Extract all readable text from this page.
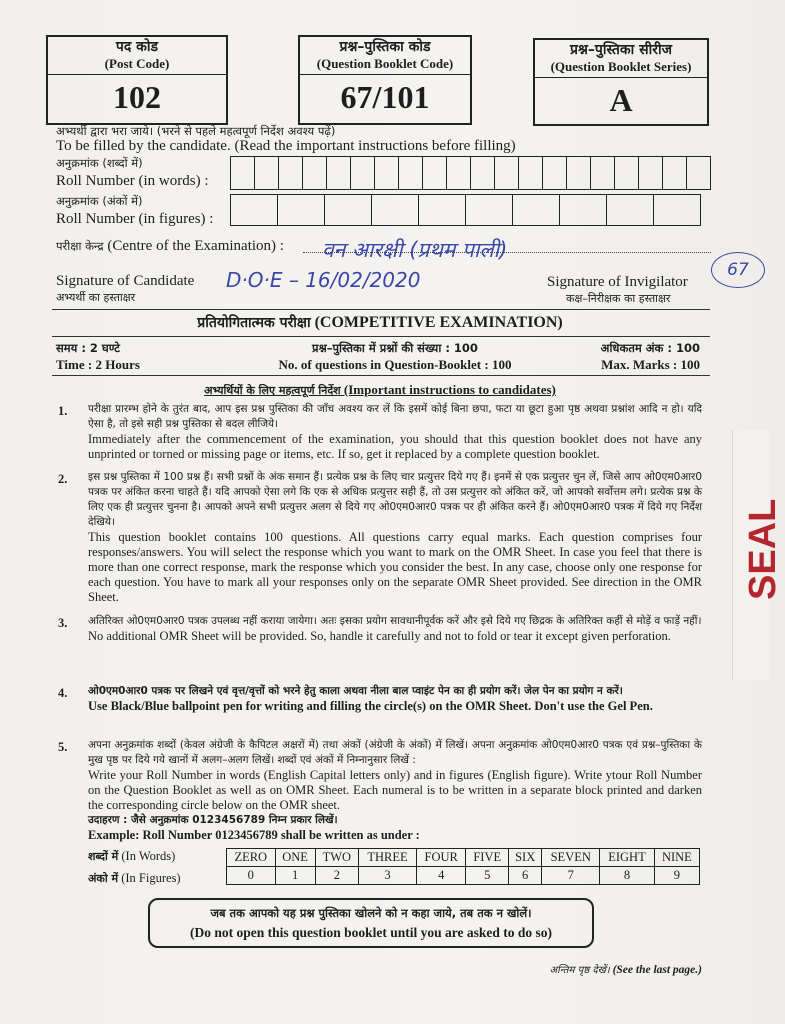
पद कोड
(Post Code)
102
प्रश्न–पुस्तिका कोड
(Question Booklet Code)
67/101
प्रश्न–पुस्तिका सीरीज
(Question Booklet Series)
A
अभ्यर्थी द्वारा भरा जाये। (भरने से पहले महत्वपूर्ण निर्देश अवश्य पढ़ें)
To be filled by the candidate. (Read the important instructions before filling)
अनुक्रमांक (शब्दों में)
Roll Number (in words) :
अनुक्रमांक (अंकों में)
Roll Number (in figures) :
परीक्षा केन्द्र (Centre of the Examination) : वन आरक्षी (प्रथम पाली)
67
Signature of Candidate
अभ्यर्थी का हस्ताक्षर
D·O·E – 16/02/2020	Signature of Invigilator
कक्ष–निरीक्षक का हस्ताक्षर
प्रतियोगितात्मक परीक्षा (COMPETITIVE EXAMINATION)
समय : 2 घण्टे
Time : 2 Hours
प्रश्न–पुस्तिका में प्रश्नों की संख्या : 100
No. of questions in Question-Booklet : 100
अधिकतम अंक : 100
Max. Marks : 100
अभ्यर्थियों के लिए महत्वपूर्ण निर्देश (Important instructions to candidates)
1. परीक्षा प्रारम्भ होने के तुरंत बाद, आप इस प्रश्न पुस्तिका की जाँच अवश्य कर लें कि इसमें कोई बिना छपा, फटा या छूटा हुआ पृष्ठ अथवा प्रश्नांश आदि न हो। यदि ऐसा है, तो इसे सही प्रश्न पुस्तिका से बदल लीजिये।
Immediately after the commencement of the examination, you should that this question booklet does not have any unprinted or torned or missing page or items, etc. If so, get it replaced by a complete question booklet.
2. इस प्रश्न पुस्तिका में 100 प्रश्न हैं। सभी प्रश्नों के अंक समान हैं। प्रत्येक प्रश्न के लिए चार प्रत्युत्तर दिये गए हैं। इनमें से एक प्रत्युत्तर चुन लें, जिसे आप ओ0एम0आर0 पत्रक पर अंकित करना चाहते हैं। यदि आपको ऐसा लगे कि एक से अधिक प्रत्युत्तर सही हैं, तो उस प्रत्युत्तर को अंकित करें, जो आपको सर्वोत्तम लगे। प्रत्येक प्रश्न के लिए एक ही प्रत्युत्तर चुनना है। आपको अपने सभी प्रत्युत्तर अलग से दिये गए ओ0एम0आर0 पत्रक पर ही अंकित करने हैं। ओ0एम0आर0 पत्रक में दिये गए निर्देश देखिये।
This question booklet contains 100 questions. All questions carry equal marks. Each question comprises four responses/answers. You will select the response which you want to mark on the OMR Sheet. In case you feel that there is more than one correct response, mark the response which you consider the best. In any case, choose only one response for each question. You have to mark all your responses only on the separate OMR Sheet provided. See direction in the OMR Sheet.
3. अतिरिक्त ओ0एम0आर0 पत्रक उपलब्ध नहीं कराया जायेगा। अतः इसका प्रयोग सावधानीपूर्वक करें और इसे दिये गए छिद्रक के अतिरिक्त कहीं से मोड़ें व फाड़ें नहीं।
No additional OMR Sheet will be provided. So, handle it carefully and not to fold or tear it except given perforation.
4. ओ0एम0आर0 पत्रक पर लिखने एवं वृत्त/वृत्तों को भरने हेतु काला अथवा नीला बाल प्वाइंट पेन का ही प्रयोग करें। जेल पेन का प्रयोग न करें।
Use Black/Blue ballpoint pen for writing and filling the circle(s) on the OMR Sheet. Don't use the Gel Pen.
5. अपना अनुक्रमांक शब्दों (केवल अंग्रेजी के कैपिटल अक्षरों में) तथा अंकों (अंग्रेजी के अंकों) में लिखें। अपना अनुक्रमांक ओ0एम0आर0 पत्रक एवं प्रश्न–पुस्तिका के मुख पृष्ठ पर दिये गये खानों में अलग–अलग लिखें। शब्दों एवं अंकों में निम्नानुसार लिखें :
Write your Roll Number in words (English Capital letters only) and in figures (English figure). Write ytour Roll Number on the Question Booklet as well as on OMR Sheet. Each numeral is to be written in a separate block printed and darken the corresponding circle below on the OMR sheet.
उदाहरण : जैसे अनुक्रमांक 0123456789 निम्न प्रकार लिखें।
Example: Roll Number 0123456789 shall be written as under :
शब्दों में (In Words)
अंको में (In Figures)
ZERO	ONE	TWO	THREE	FOUR	FIVE	SIX	SEVEN	EIGHT	NINE
0	1	2	3	4	5	6	7	8	9
जब तक आपको यह प्रश्न पुस्तिका खोलने को न कहा जाये, तब तक न खोलें।
(Do not open this question booklet until you are asked to do so)
अन्तिम पृष्ठ देखें। (See the last page.)
SEAL
